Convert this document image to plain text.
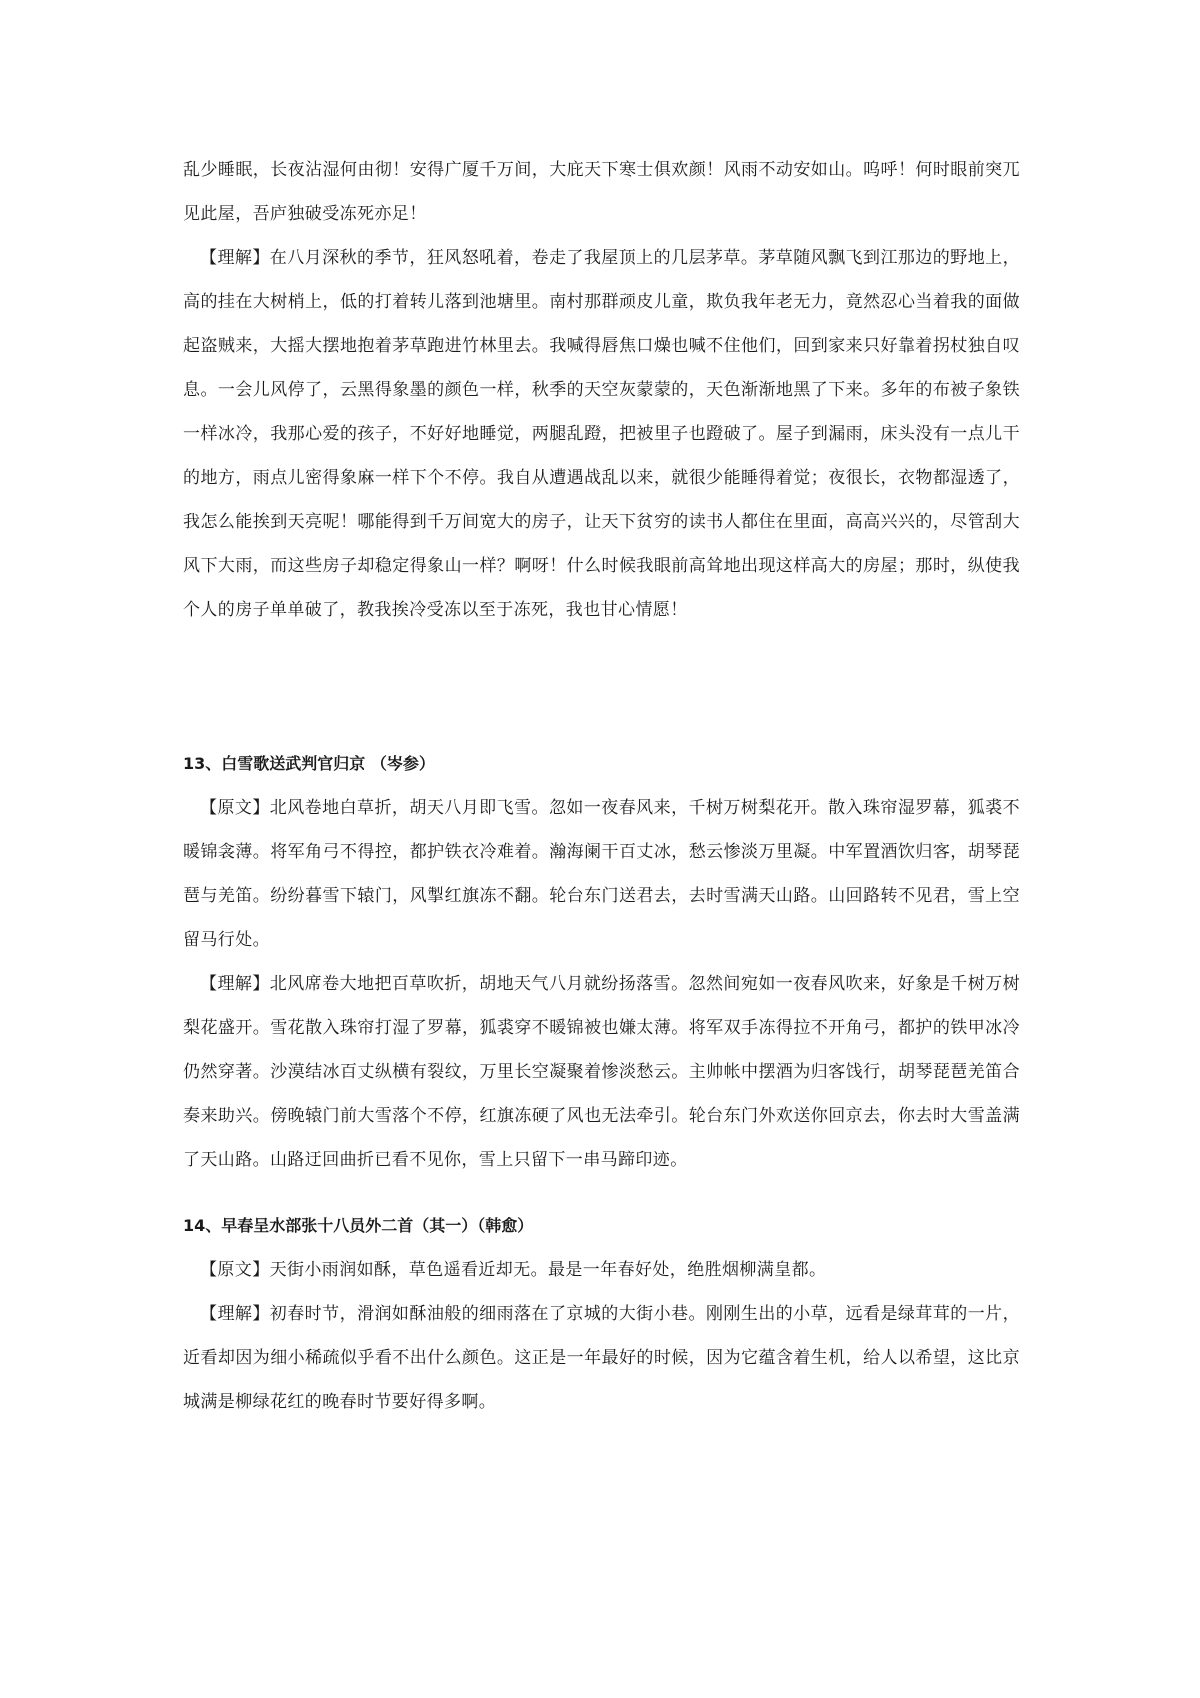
乱少睡眠，长夜沾湿何由彻！安得广厦千万间，大庇天下寒士俱欢颜！风雨不动安如山。呜呼！何时眼前突兀见此屋，吾庐独破受冻死亦足！

【理解】在八月深秋的季节，狂风怒吼着，卷走了我屋顶上的几层茅草。茅草随风飘飞到江那边的野地上，高的挂在大树梢上，低的打着转儿落到池塘里。南村那群顽皮儿童，欺负我年老无力，竟然忍心当着我的面做起盗贼来，大摇大摆地抱着茅草跑进竹林里去。我喊得唇焦口燥也喊不住他们，回到家来只好靠着拐杖独自叹息。一会儿风停了，云黑得象墨的颜色一样，秋季的天空灰蒙蒙的，天色渐渐地黑了下来。多年的布被子象铁一样冰冷，我那心爱的孩子，不好好地睡觉，两腿乱蹬，把被里子也蹬破了。屋子到漏雨，床头没有一点儿干的地方，雨点儿密得象麻一样下个不停。我自从遭遇战乱以来，就很少能睡得着觉；夜很长，衣物都湿透了，我怎么能挨到天亮呢！哪能得到千万间宽大的房子，让天下贫穷的读书人都住在里面，高高兴兴的，尽管刮大风下大雨，而这些房子却稳定得象山一样？啊呀！什么时候我眼前高耸地出现这样高大的房屋；那时，纵使我个人的房子单单破了，教我挨冷受冻以至于冻死，我也甘心情愿！

13、白雪歌送武判官归京 （岑参）

【原文】北风卷地白草折，胡天八月即飞雪。忽如一夜春风来，千树万树梨花开。散入珠帘湿罗幕，狐裘不暖锦衾薄。将军角弓不得控，都护铁衣冷难着。瀚海阑干百丈冰，愁云惨淡万里凝。中军置酒饮归客，胡琴琵琶与羌笛。纷纷暮雪下辕门，风掣红旗冻不翻。轮台东门送君去，去时雪满天山路。山回路转不见君，雪上空留马行处。

【理解】北风席卷大地把百草吹折，胡地天气八月就纷扬落雪。忽然间宛如一夜春风吹来，好象是千树万树梨花盛开。雪花散入珠帘打湿了罗幕，狐裘穿不暖锦被也嫌太薄。将军双手冻得拉不开角弓，都护的铁甲冰冷仍然穿著。沙漠结冰百丈纵横有裂纹，万里长空凝聚着惨淡愁云。主帅帐中摆酒为归客饯行，胡琴琵琶羌笛合奏来助兴。傍晚辕门前大雪落个不停，红旗冻硬了风也无法牵引。轮台东门外欢送你回京去，你去时大雪盖满了天山路。山路迂回曲折已看不见你，雪上只留下一串马蹄印迹。

14、早春呈水部张十八员外二首（其一）（韩愈）

【原文】天街小雨润如酥，草色遥看近却无。最是一年春好处，绝胜烟柳满皇都。

【理解】初春时节，滑润如酥油般的细雨落在了京城的大街小巷。刚刚生出的小草，远看是绿茸茸的一片，近看却因为细小稀疏似乎看不出什么颜色。这正是一年最好的时候，因为它蕴含着生机，给人以希望，这比京城满是柳绿花红的晚春时节要好得多啊。
